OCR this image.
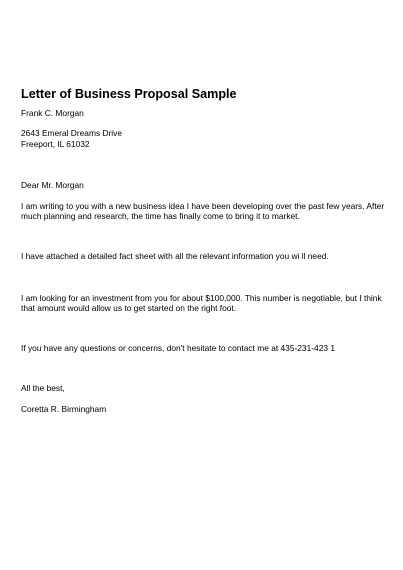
Letter of Business Proposal Sample
Frank C. Morgan
2643 Emeral Dreams Drive
Freeport, IL 61032
Dear Mr. Morgan
I am writing to you with a new business idea I have been developing over the past few years. After
much planning and research, the time has finally come to bring it to market.
I have attached a detailed fact sheet with all the relevant information you wi ll need.
I am looking for an investment from you for about $100,000. This number is negotiable, but I think
that amount would allow us to get started on the right foot.
If you have any questions or concerns, don't hesitate to contact me at 435-231-423 1
All the best,
Coretta R. Birmingham
